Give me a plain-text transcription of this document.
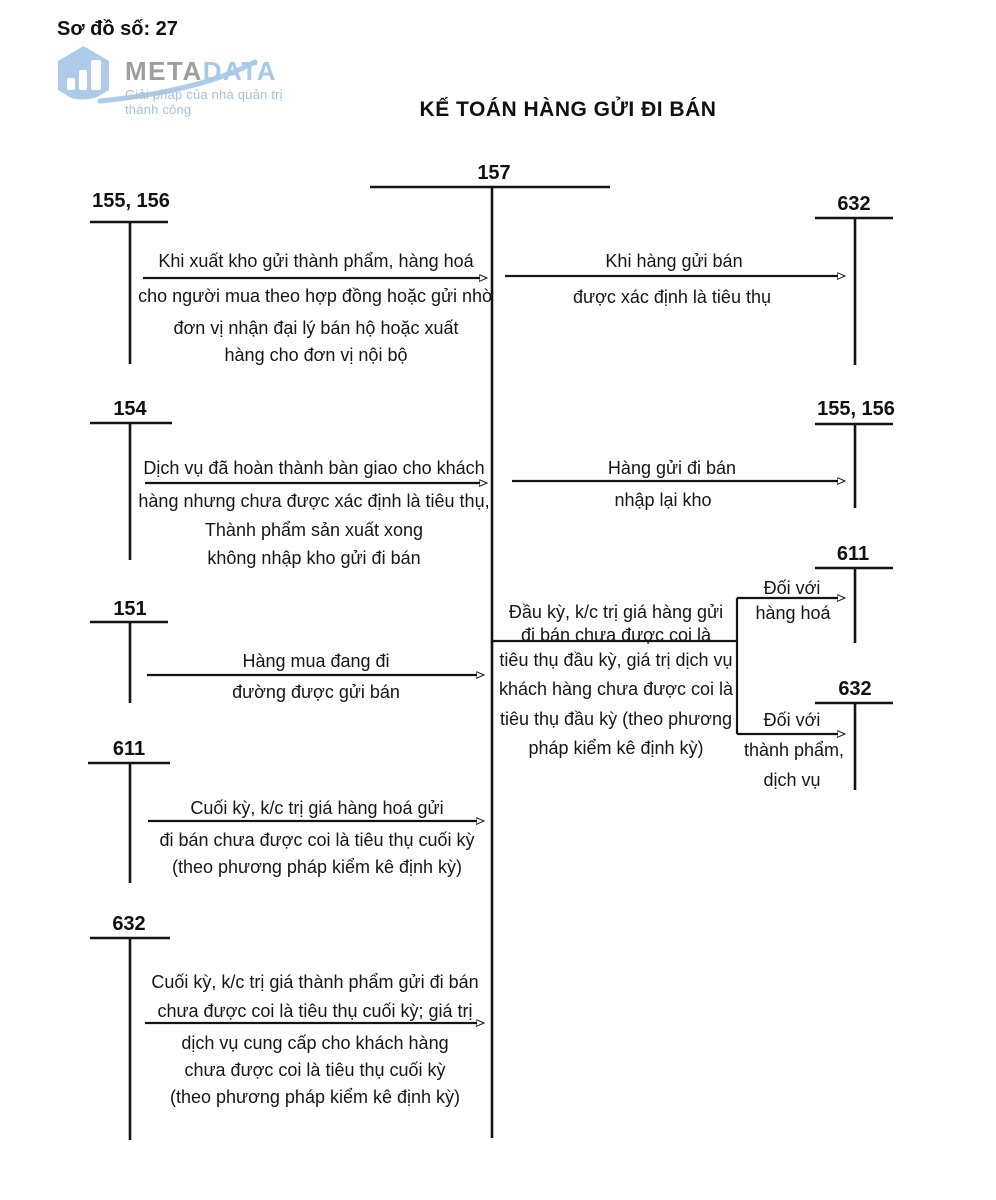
Sơ đồ số: 27
METADATA
Giải pháp của nhà quản trị thành công	KẾ TOÁN HÀNG GỬI ĐI BÁN
157
155, 156
154
151
611
632
632
155, 156
611
632
Khi xuất kho gửi thành phẩm, hàng hoá
cho người mua theo hợp đồng hoặc gửi nhờ
đơn vị nhận đại lý bán hộ hoặc xuất
hàng cho đơn vị nội bộ
Khi hàng gửi bán
được xác định là tiêu thụ
Dịch vụ đã hoàn thành bàn giao cho khách
hàng nhưng chưa được xác định là tiêu thụ,
Thành phẩm sản xuất xong
không nhập kho gửi đi bán
Hàng gửi đi bán
nhập lại kho
Hàng mua đang đi
đường được gửi bán
Cuối kỳ, k/c trị giá hàng hoá gửi
đi bán chưa được coi là tiêu thụ cuối kỳ
(theo phương pháp kiểm kê định kỳ)
Cuối kỳ, k/c trị giá thành phẩm gửi đi bán
chưa được coi là tiêu thụ cuối kỳ; giá trị
dịch vụ cung cấp cho khách hàng
chưa được coi là tiêu thụ cuối kỳ
(theo phương pháp kiểm kê định kỳ)
Đầu kỳ, k/c trị giá hàng gửi
đi bán chưa được coi là
tiêu thụ đầu kỳ, giá trị dịch vụ
khách hàng chưa được coi là
tiêu thụ đầu kỳ (theo phương
pháp kiểm kê định kỳ)
Đối với
hàng hoá
Đối với
thành phẩm,
dịch vụ
